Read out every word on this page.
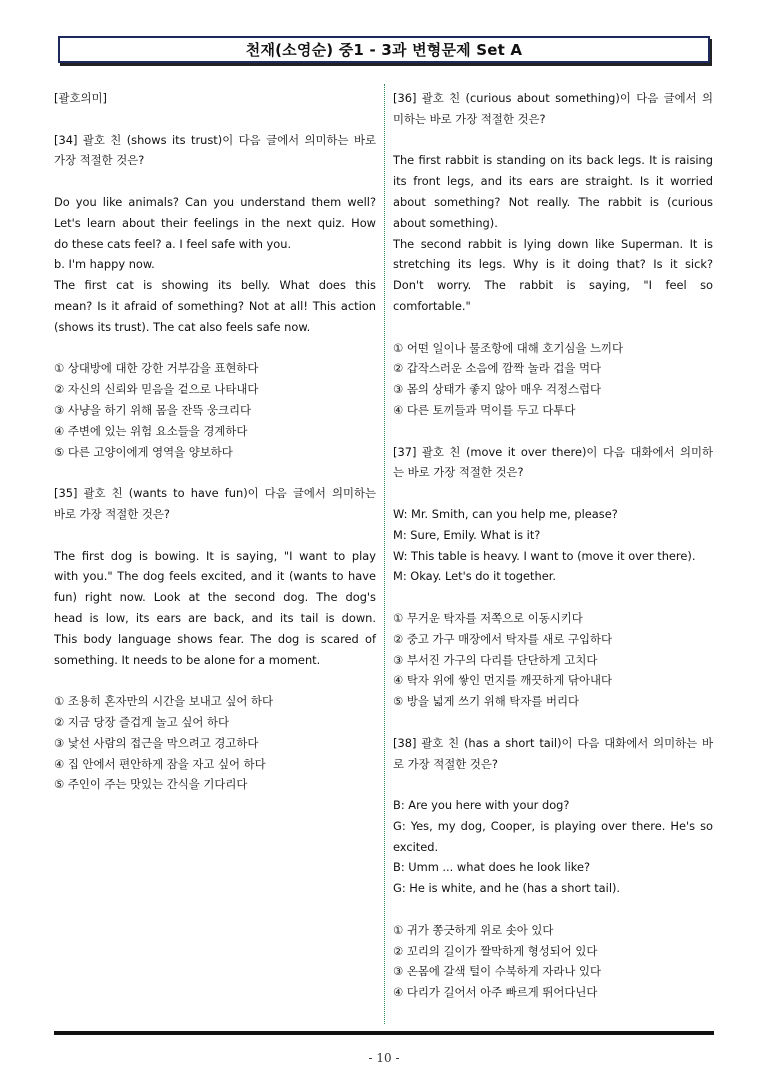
천재(소영순) 중1 - 3과 변형문제 Set A

[괄호의미]

[34] 괄호 친 (shows its trust)이 다음 글에서 의미하는 바로

가장 적절한 것은?

Do you like animals? Can you understand them well?

Let's learn about their feelings in the next quiz. How

do these cats feel? a. I feel safe with you.

b. I'm happy now.

The first cat is showing its belly. What does this

mean? Is it afraid of something? Not at all! This action

(shows its trust). The cat also feels safe now.

① 상대방에 대한 강한 거부감을 표현하다

② 자신의 신뢰와 믿음을 겉으로 나타내다

③ 사냥을 하기 위해 몸을 잔뜩 웅크리다

④ 주변에 있는 위험 요소들을 경계하다

⑤ 다른 고양이에게 영역을 양보하다

[35] 괄호 친 (wants to have fun)이 다음 글에서 의미하는

바로 가장 적절한 것은?

The first dog is bowing. It is saying, "I want to play

with you." The dog feels excited, and it (wants to have

fun) right now. Look at the second dog. The dog's

head is low, its ears are back, and its tail is down.

This body language shows fear. The dog is scared of

something. It needs to be alone for a moment.

① 조용히 혼자만의 시간을 보내고 싶어 하다

② 지금 당장 즐겁게 놀고 싶어 하다

③ 낯선 사람의 접근을 막으려고 경고하다

④ 집 안에서 편안하게 잠을 자고 싶어 하다

⑤ 주인이 주는 맛있는 간식을 기다리다

[36] 괄호 친 (curious about something)이 다음 글에서 의

미하는 바로 가장 적절한 것은?

The first rabbit is standing on its back legs. It is raising

its front legs, and its ears are straight. Is it worried

about something? Not really. The rabbit is (curious

about something).

The second rabbit is lying down like Superman. It is

stretching its legs. Why is it doing that? Is it sick?

Don't worry. The rabbit is saying, "I feel so

comfortable."

① 어떤 일이나 물조항에 대해 호기심을 느끼다

② 갑작스러운 소음에 깜짝 놀라 겁을 먹다

③ 몸의 상태가 좋지 않아 매우 걱정스럽다

④ 다른 토끼들과 먹이를 두고 다투다

[37] 괄호 친 (move it over there)이 다음 대화에서 의미하

는 바로 가장 적절한 것은?

W: Mr. Smith, can you help me, please?

M: Sure, Emily. What is it?

W: This table is heavy. I want to (move it over there).

M: Okay. Let's do it together.

① 무거운 탁자를 저쪽으로 이동시키다

② 중고 가구 매장에서 탁자를 새로 구입하다

③ 부서진 가구의 다리를 단단하게 고치다

④ 탁자 위에 쌓인 먼지를 깨끗하게 닦아내다

⑤ 방을 넓게 쓰기 위해 탁자를 버리다

[38] 괄호 친 (has a short tail)이 다음 대화에서 의미하는 바

로 가장 적절한 것은?

B: Are you here with your dog?

G: Yes, my dog, Cooper, is playing over there. He's so

excited.

B: Umm ... what does he look like?

G: He is white, and he (has a short tail).

① 귀가 쫑긋하게 위로 솟아 있다

② 꼬리의 길이가 짤막하게 형성되어 있다

③ 온몸에 갈색 털이 수북하게 자라나 있다

④ 다리가 길어서 아주 빠르게 뛰어다닌다

- 10 -
